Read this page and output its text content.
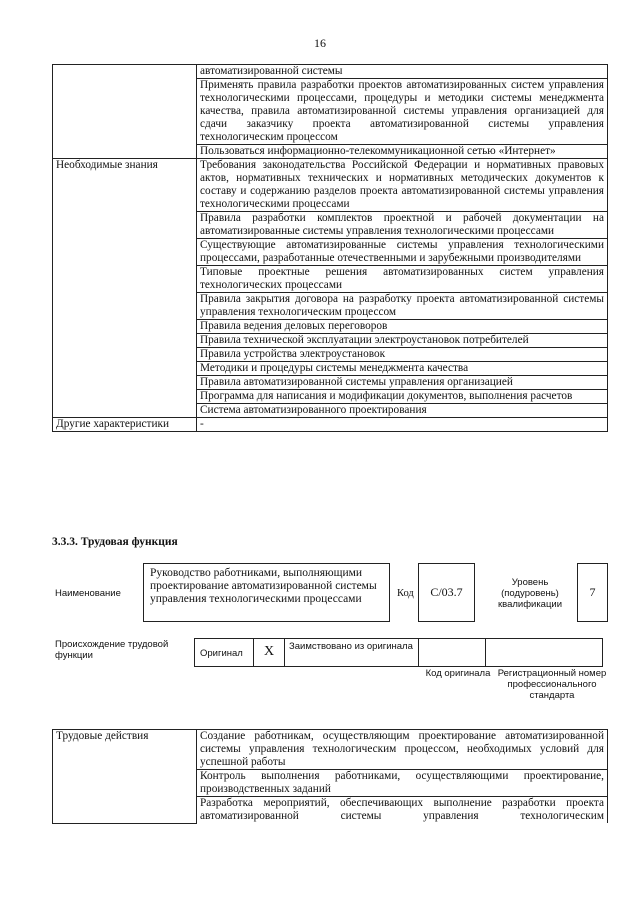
16
	автоматизированной системы
	Применять правила разработки проектов автоматизированных систем управления технологическими процессами, процедуры и методики системы менеджмента качества, правила автоматизированной системы управления организацией для сдачи заказчику проекта автоматизированной системы управления технологическим процессом
	Пользоваться информационно-телекоммуникационной сетью «Интернет»
Необходимые знания	Требования законодательства Российской Федерации и нормативных правовых актов, нормативных технических и нормативных методических документов к составу и содержанию разделов проекта автоматизированной системы управления технологическими процессами
	Правила разработки комплектов проектной и рабочей документации на автоматизированные системы управления технологическими процессами
	Существующие автоматизированные системы управления технологическими процессами, разработанные отечественными и зарубежными производителями
	Типовые проектные решения автоматизированных систем управления технологических процессами
	Правила закрытия договора на разработку проекта автоматизированной системы управления технологическим процессом
	Правила ведения деловых переговоров
	Правила технической эксплуатации электроустановок потребителей
	Правила устройства электроустановок
	Методики и процедуры системы менеджмента качества
	Правила автоматизированной системы управления организацией
	Программа для написания и модификации документов, выполнения расчетов
	Система автоматизированного проектирования
Другие характеристики	-
3.3.3. Трудовая функция
Наименование
Руководство работниками, выполняющими проектирование автоматизированной системы управления технологическими процессами	Код	C/03.7
Уровень (подуровень) квалификации
7
Происхождение трудовой функции	Оригинал	X	Заимствовано из оригинала
Код оригинала Регистрационный номер профессионального стандарта
Трудовые действия	Создание работникам, осуществляющим проектирование автоматизированной системы управления технологическим процессом, необходимых условий для успешной работы
Контроль выполнения работниками, осуществляющими проектирование, производственных заданий
Разработка мероприятий, обеспечивающих выполнение разработки проекта автоматизированной системы управления технологическим
